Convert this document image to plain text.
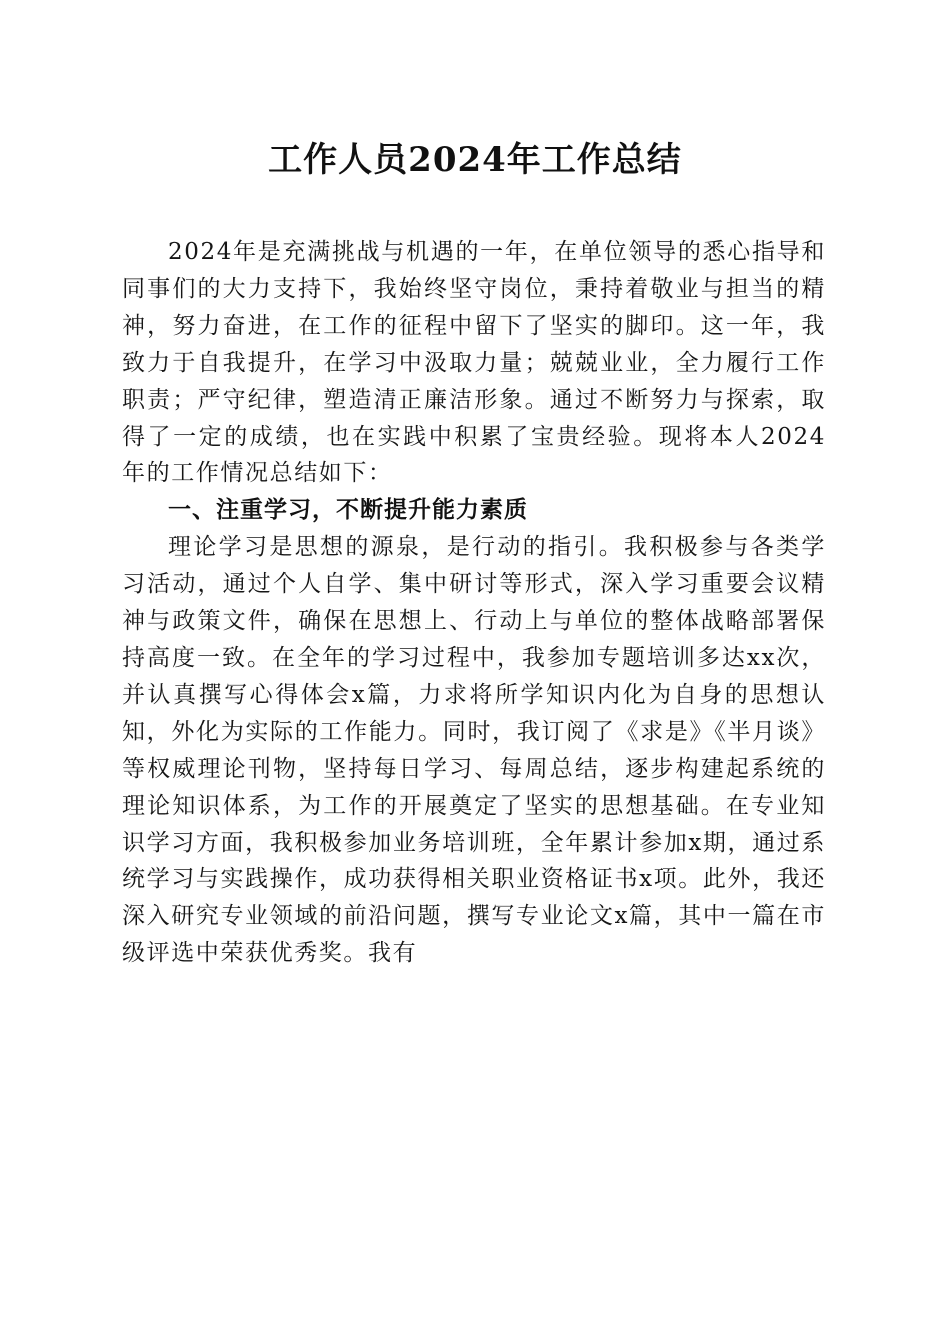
工作人员2024年工作总结

2024年是充满挑战与机遇的一年，在单位领导的悉心指导和同事们的大力支持下，我始终坚守岗位，秉持着敬业与担当的精神，努力奋进，在工作的征程中留下了坚实的脚印。这一年，我致力于自我提升，在学习中汲取力量；兢兢业业，全力履行工作职责；严守纪律，塑造清正廉洁形象。通过不断努力与探索，取得了一定的成绩，也在实践中积累了宝贵经验。现将本人2024年的工作情况总结如下：

一、注重学习，不断提升能力素质

理论学习是思想的源泉，是行动的指引。我积极参与各类学习活动，通过个人自学、集中研讨等形式，深入学习重要会议精神与政策文件，确保在思想上、行动上与单位的整体战略部署保持高度一致。在全年的学习过程中，我参加专题培训多达xx次，并认真撰写心得体会x篇，力求将所学知识内化为自身的思想认知，外化为实际的工作能力。同时，我订阅了《求是》《半月谈》等权威理论刊物，坚持每日学习、每周总结，逐步构建起系统的理论知识体系，为工作的开展奠定了坚实的思想基础。在专业知识学习方面，我积极参加业务培训班，全年累计参加x期，通过系统学习与实践操作，成功获得相关职业资格证书x项。此外，我还深入研究专业领域的前沿问题，撰写专业论文x篇，其中一篇在市级评选中荣获优秀奖。我有
